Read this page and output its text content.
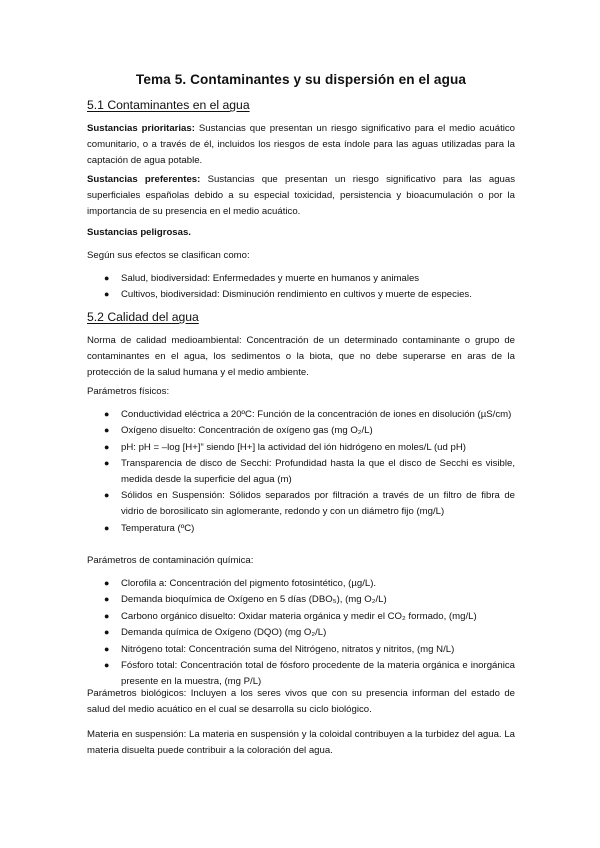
Tema 5. Contaminantes y su dispersión en el agua
5.1 Contaminantes en el agua

Sustancias prioritarias: Sustancias que presentan un riesgo significativo para el medio acuático comunitario, o a través de él, incluidos los riesgos de esta índole para las aguas utilizadas para la captación de agua potable.

Sustancias preferentes: Sustancias que presentan un riesgo significativo para las aguas superficiales españolas debido a su especial toxicidad, persistencia y bioacumulación o por la importancia de su presencia en el medio acuático.

Sustancias peligrosas.

Según sus efectos se clasifican como:

● Salud, biodiversidad: Enfermedades y muerte en humanos y animales
● Cultivos, biodiversidad: Disminución rendimiento en cultivos y muerte de especies.
5.2 Calidad del agua

Norma de calidad medioambiental: Concentración de un determinado contaminante o grupo de contaminantes en el agua, los sedimentos o la biota, que no debe superarse en aras de la protección de la salud humana y el medio ambiente.

Parámetros físicos:

● Conductividad eléctrica a 20ºC: Función de la concentración de iones en disolución (µS/cm)
● Oxígeno disuelto: Concentración de oxígeno gas (mg O₂/L)
● pH: pH = –log [H+]” siendo [H+] la actividad del ión hidrógeno en moles/L (ud pH)
● Transparencia de disco de Secchi: Profundidad hasta la que el disco de Secchi es visible, medida desde la superficie del agua (m)
● Sólidos en Suspensión: Sólidos separados por filtración a través de un filtro de fibra de vidrio de borosilicato sin aglomerante, redondo y con un diámetro fijo (mg/L)
● Temperatura (ºC)

Parámetros de contaminación química:

● Clorofila a: Concentración del pigmento fotosintético, (µg/L).
● Demanda bioquímica de Oxígeno en 5 días (DBO₅), (mg O₂/L)
● Carbono orgánico disuelto: Oxidar materia orgánica y medir el CO₂ formado, (mg/L)
● Demanda química de Oxígeno (DQO) (mg O₂/L)
● Nitrógeno total: Concentración suma del Nitrógeno, nitratos y nitritos, (mg N/L)
● Fósforo total: Concentración total de fósforo procedente de la materia orgánica e inorgánica presente en la muestra, (mg P/L)

Parámetros biológicos: Incluyen a los seres vivos que con su presencia informan del estado de salud del medio acuático en el cual se desarrolla su ciclo biológico.

Materia en suspensión: La materia en suspensión y la coloidal contribuyen a la turbidez del agua. La materia disuelta puede contribuir a la coloración del agua.
